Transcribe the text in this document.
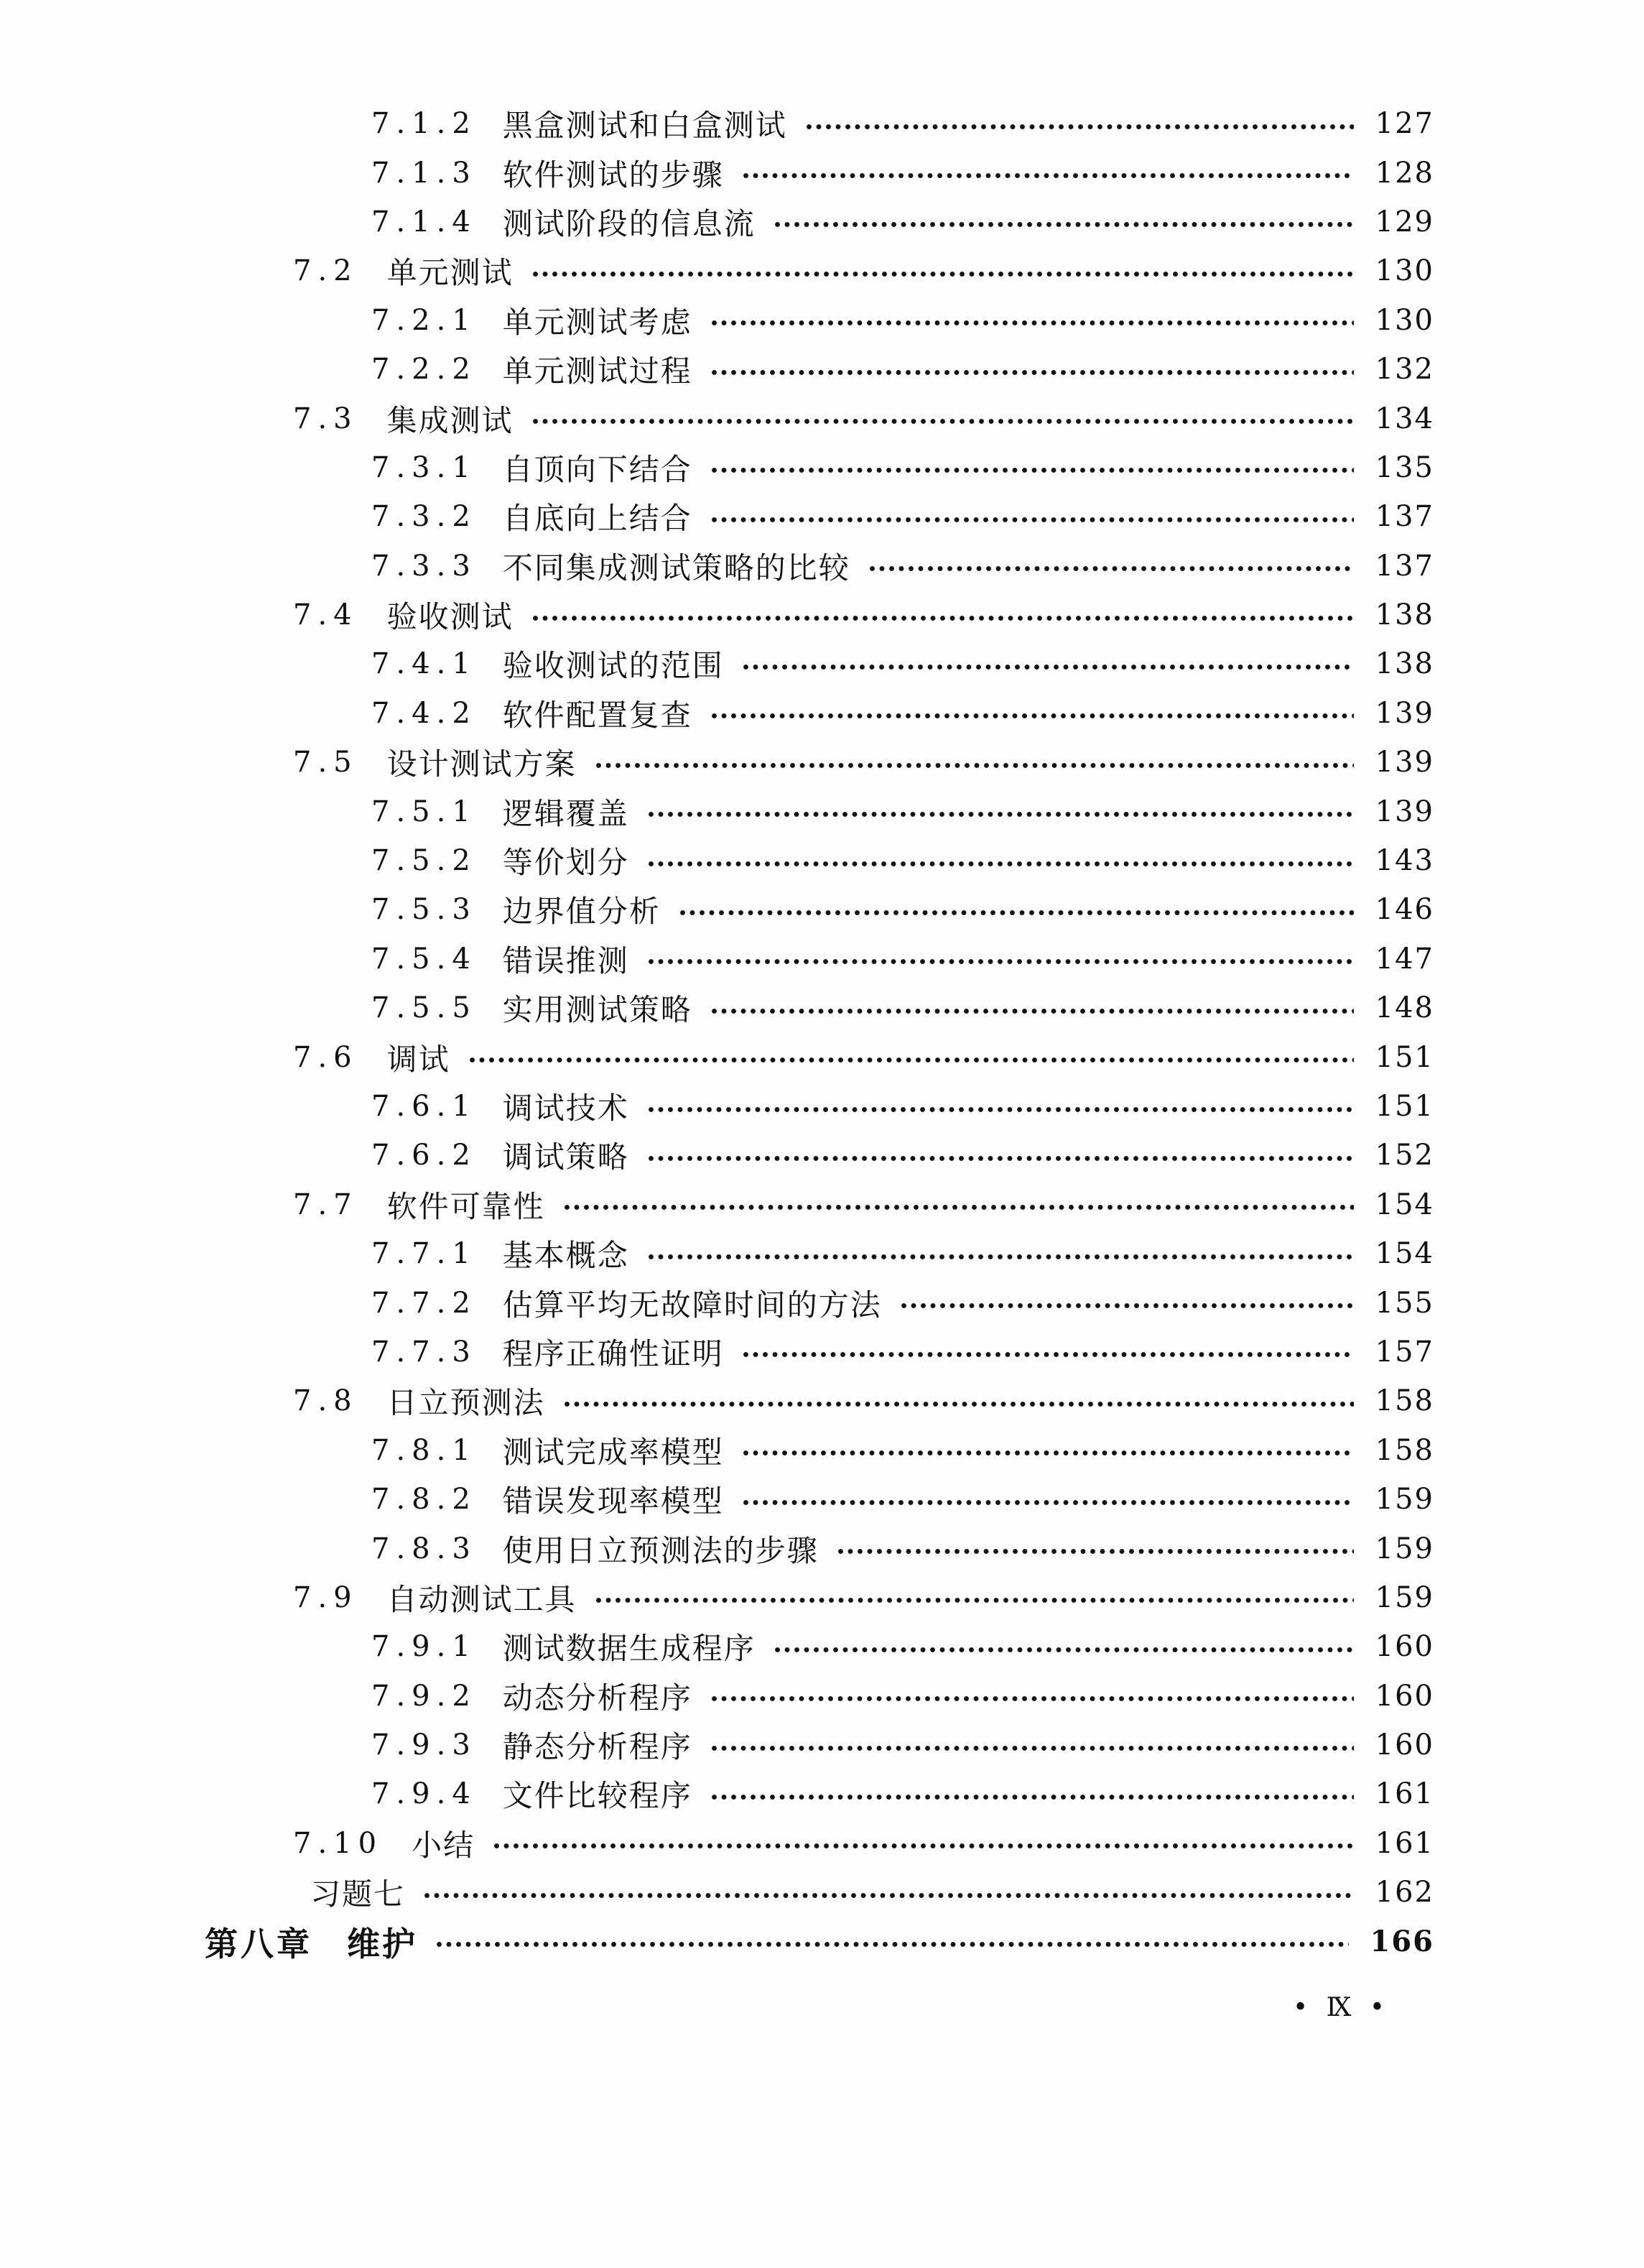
7.1.2 黑盒测试和白盒测试	127
7.1.3 软件测试的步骤	128
7.1.4 测试阶段的信息流	129
7.2 单元测试	130
7.2.1 单元测试考虑	130
7.2.2 单元测试过程	132
7.3 集成测试	134
7.3.1 自顶向下结合	135
7.3.2 自底向上结合	137
7.3.3 不同集成测试策略的比较	137
7.4 验收测试	138
7.4.1 验收测试的范围	138
7.4.2 软件配置复查	139
7.5 设计测试方案	139
7.5.1 逻辑覆盖	139
7.5.2 等价划分	143
7.5.3 边界值分析	146
7.5.4 错误推测	147
7.5.5 实用测试策略	148
7.6 调试	151
7.6.1 调试技术	151
7.6.2 调试策略	152
7.7 软件可靠性	154
7.7.1 基本概念	154
7.7.2 估算平均无故障时间的方法	155
7.7.3 程序正确性证明	157
7.8 日立预测法	158
7.8.1 测试完成率模型	158
7.8.2 错误发现率模型	159
7.8.3 使用日立预测法的步骤	159
7.9 自动测试工具	159
7.9.1 测试数据生成程序	160
7.9.2 动态分析程序	160
7.9.3 静态分析程序	160
7.9.4 文件比较程序	161
7.10 小结	161
习题七	162
第八章 维护	166
• Ⅸ •
